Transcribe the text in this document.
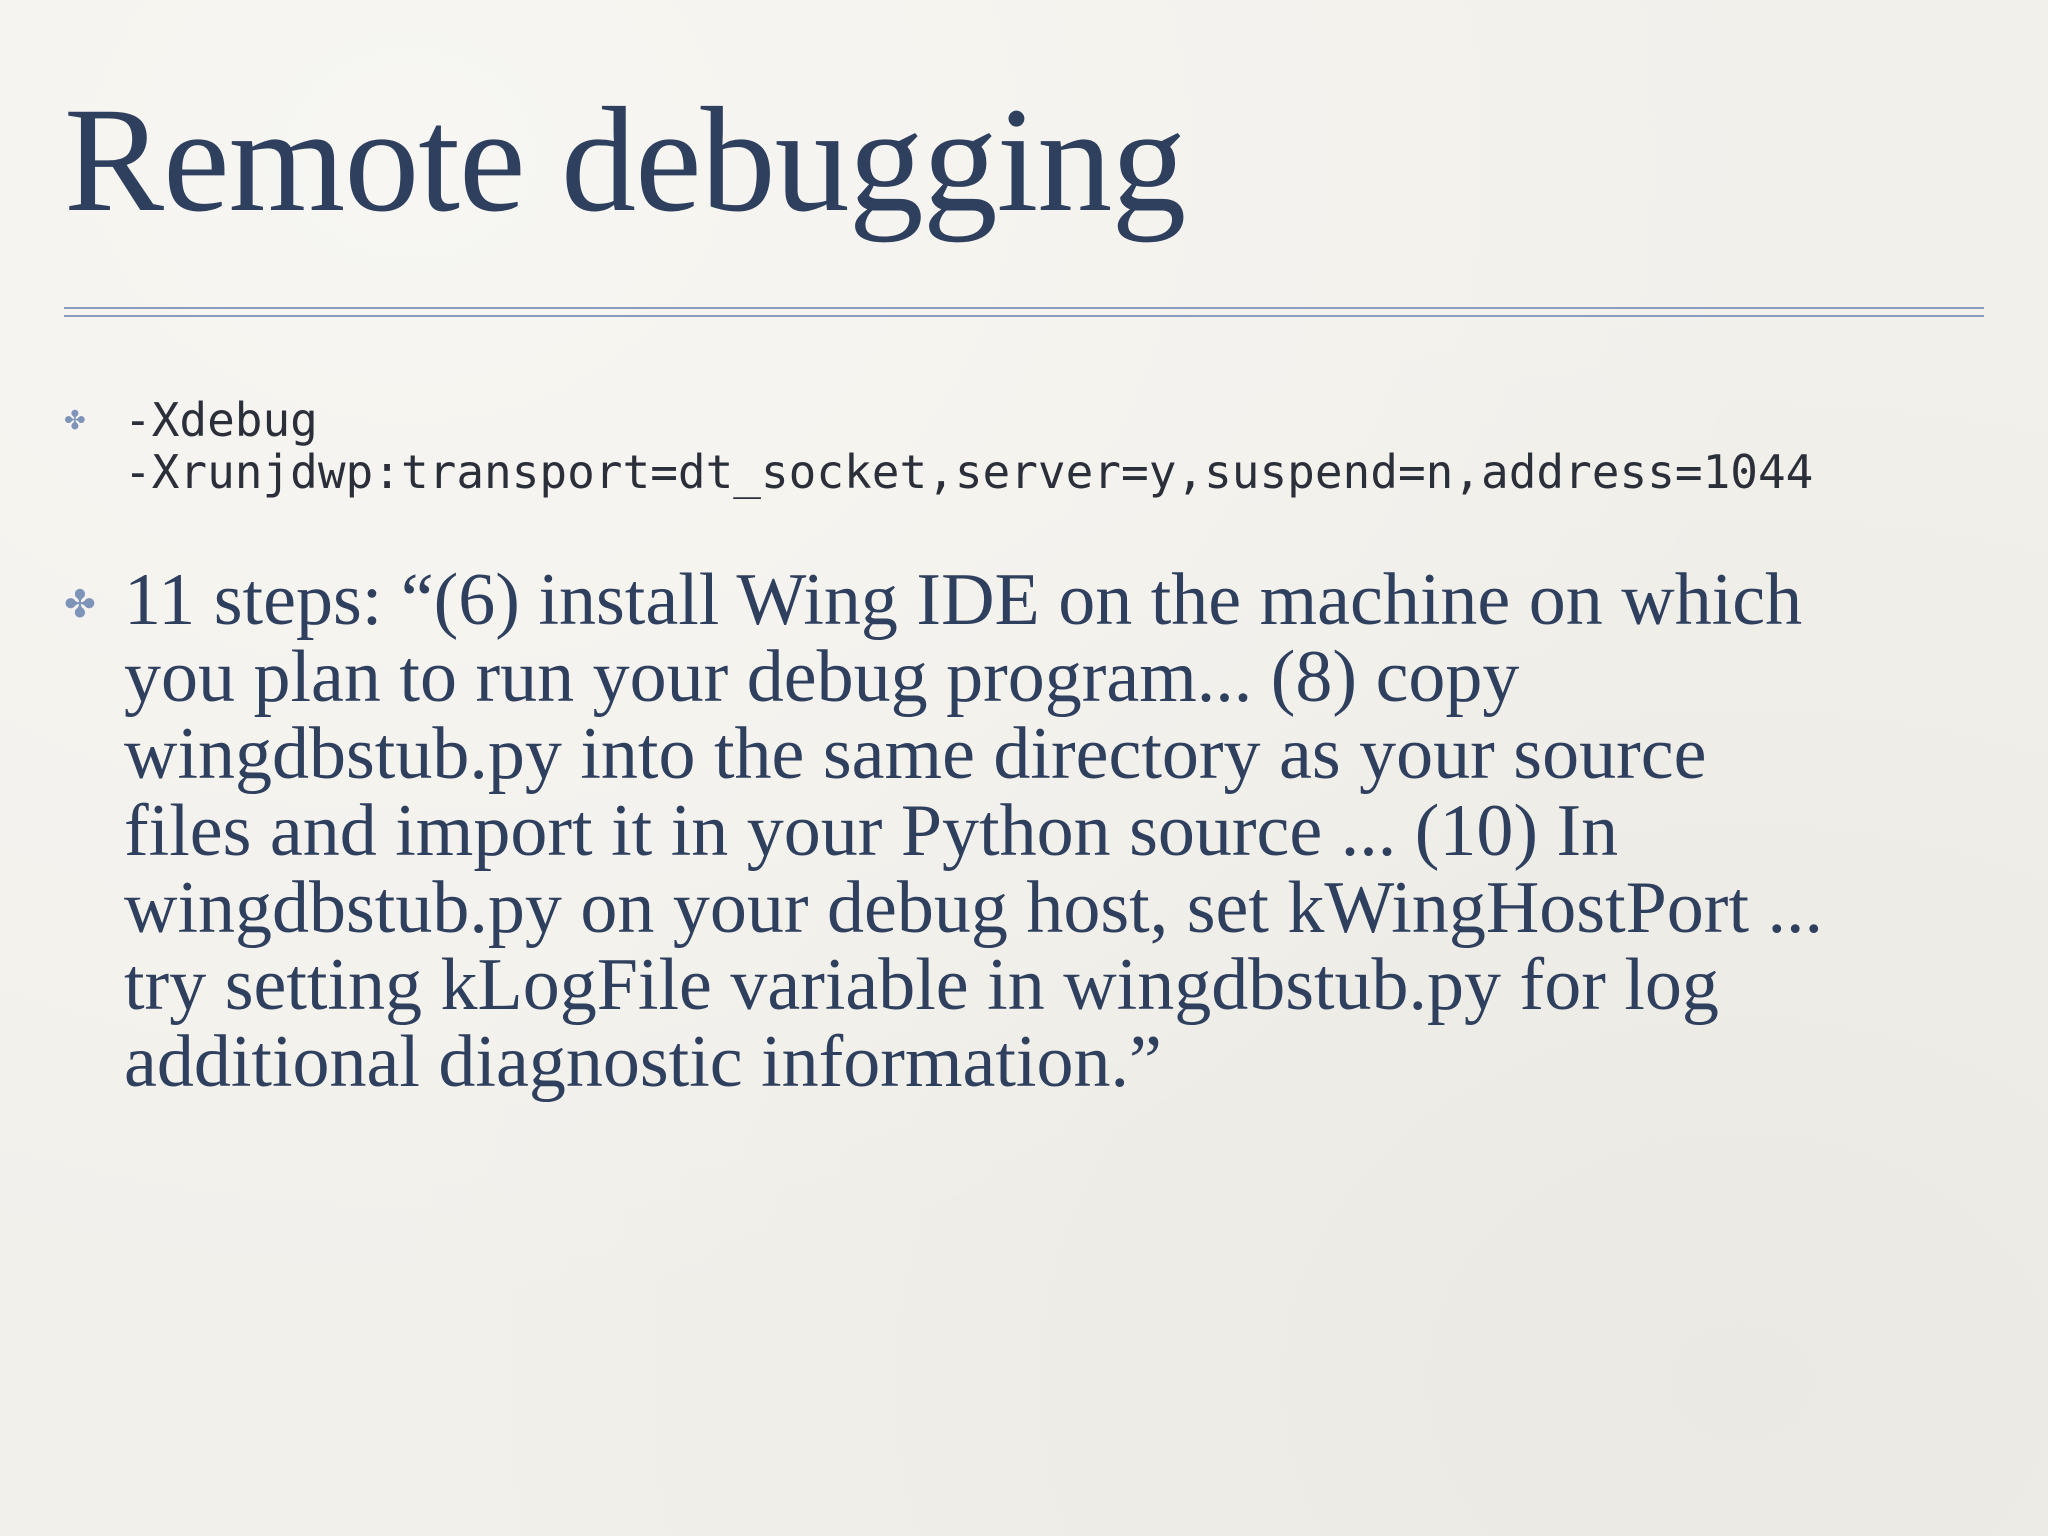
Remote debugging
✤ -Xdebug
-Xrunjdwp:transport=dt_socket,server=y,suspend=n,address=1044
✤ 11 steps: “(6) install Wing IDE on the machine on which
you plan to run your debug program... (8) copy
wingdbstub.py into the same directory as your source
files and import it in your Python source ... (10) In
wingdbstub.py on your debug host, set kWingHostPort ...
try setting kLogFile variable in wingdbstub.py for log
additional diagnostic information.”
